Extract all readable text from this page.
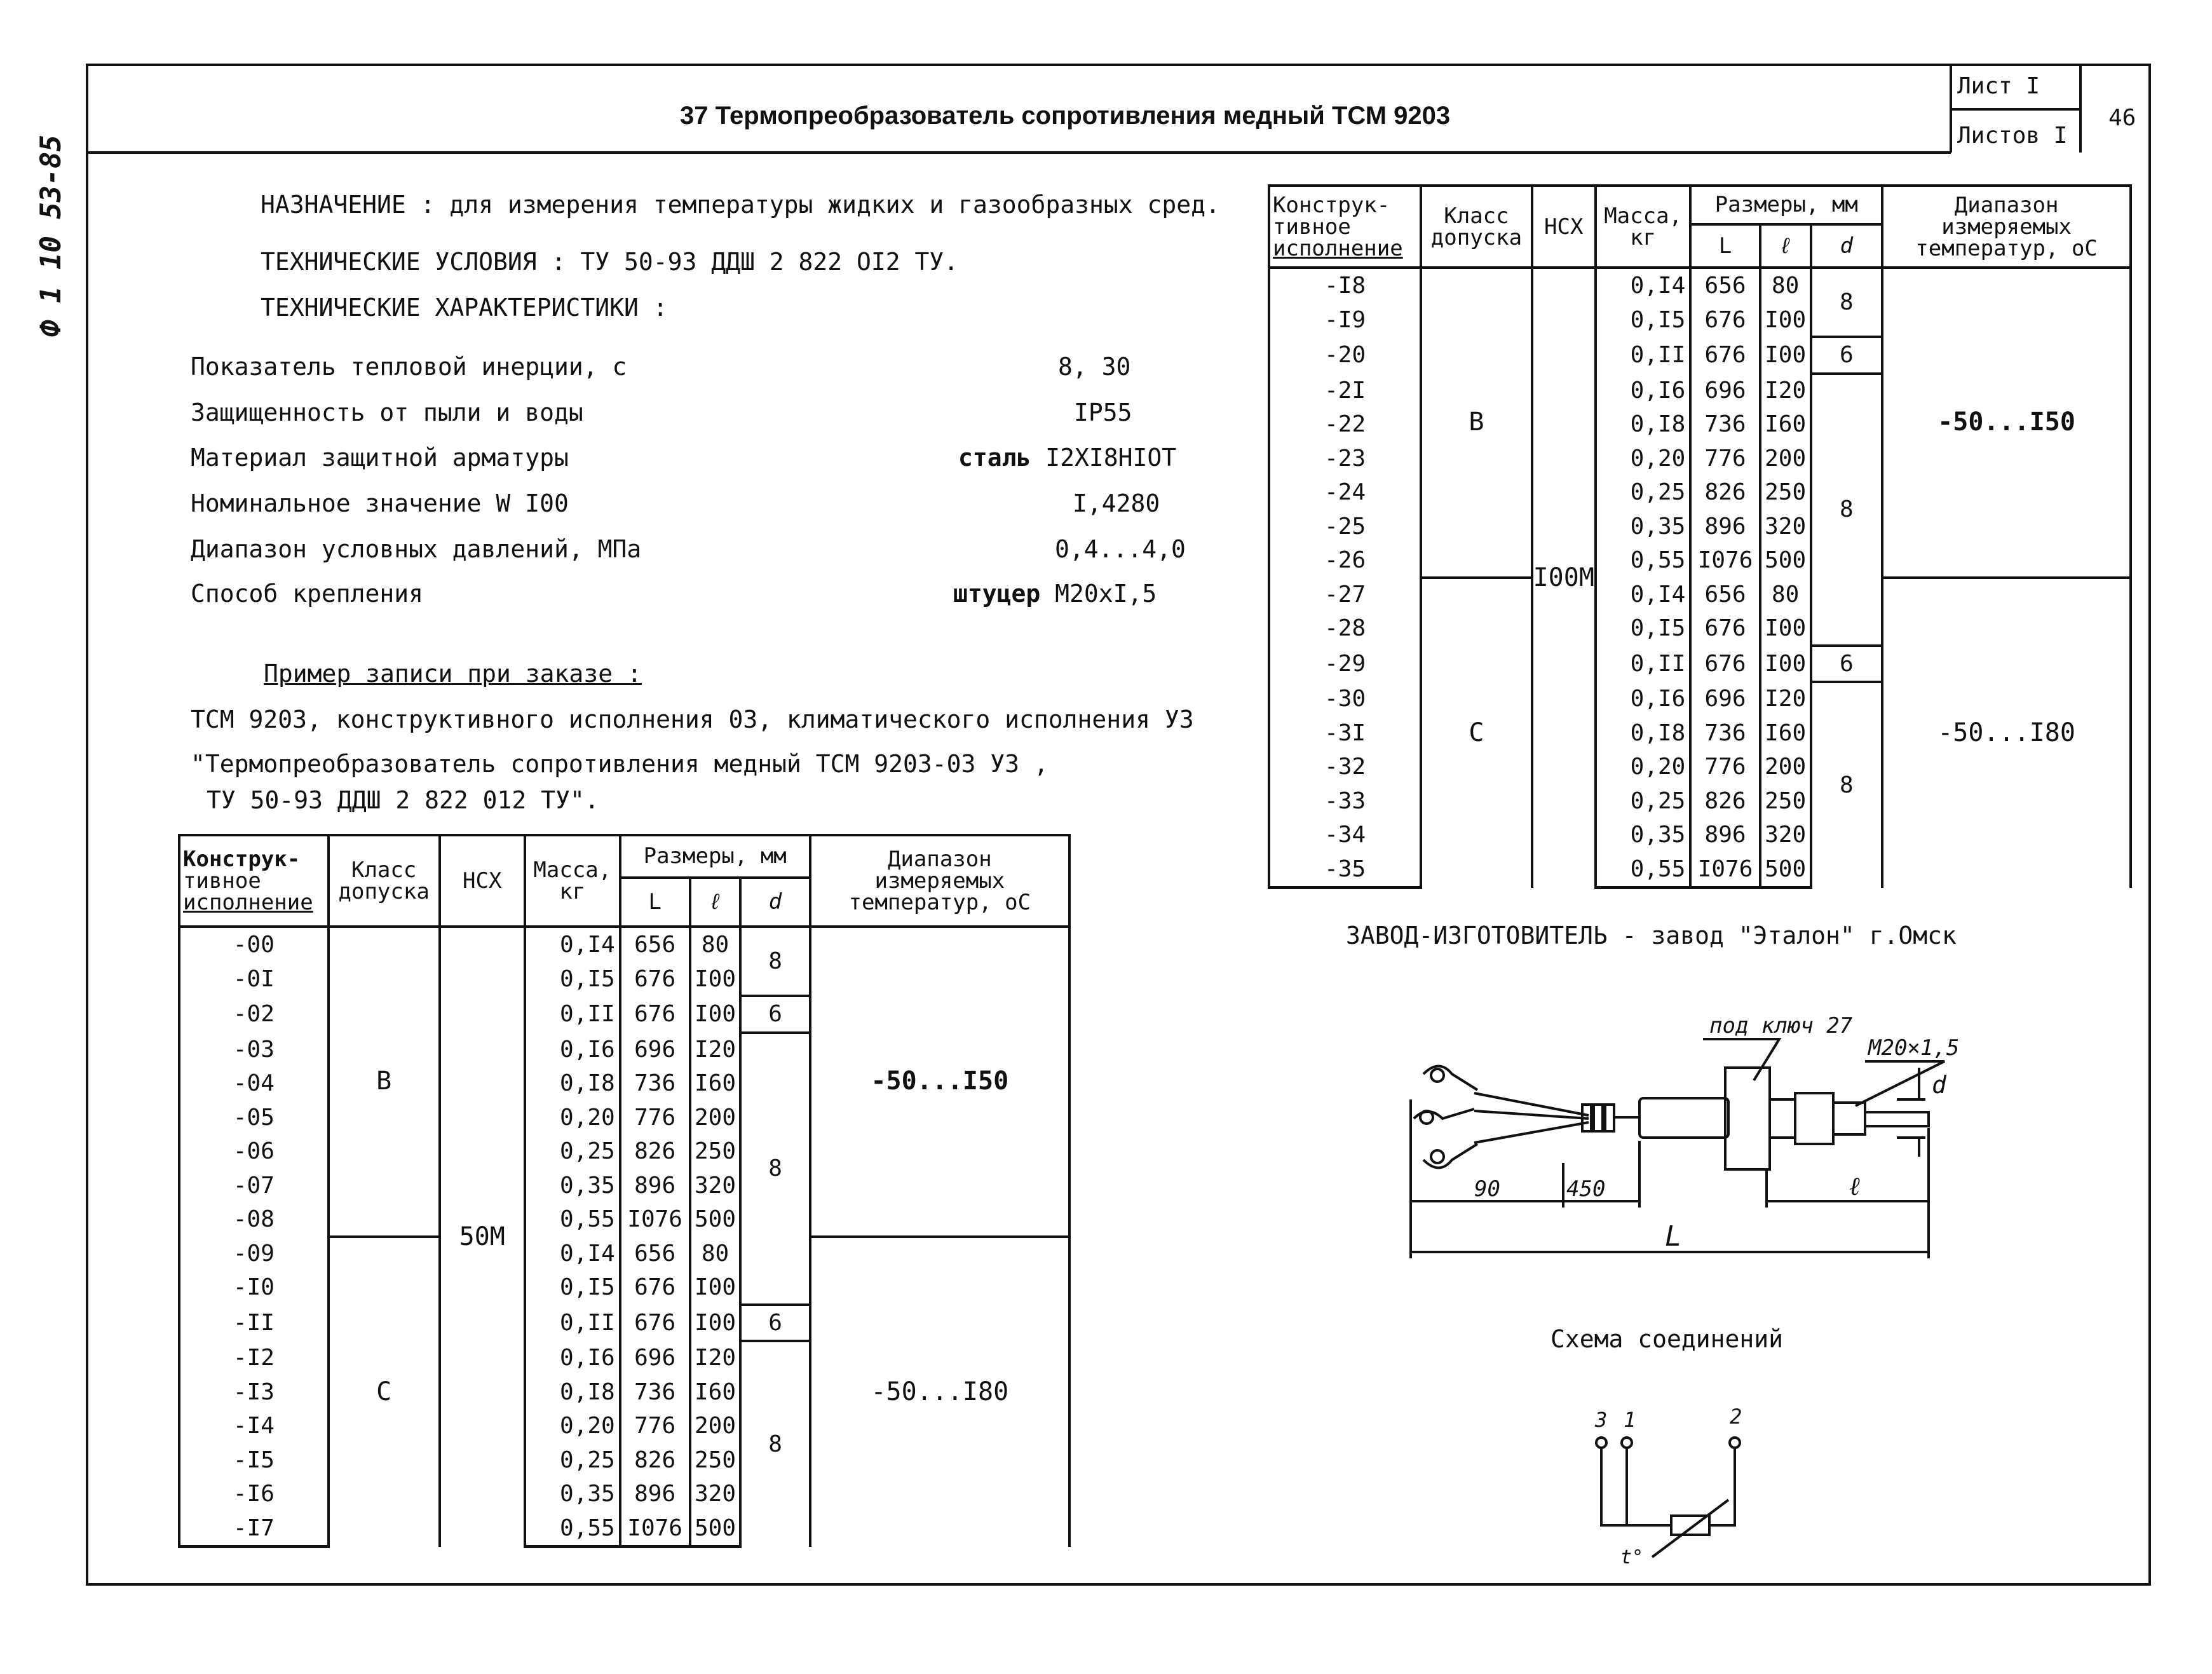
Ф 1 10 53-85
37 Термопреобразователь сопротивления медный ТСМ 9203
Лист I
Листов I
46
НАЗНАЧЕНИЕ : для измерения температуры жидких и газообразных сред.
ТЕХНИЧЕСКИЕ УСЛОВИЯ : ТУ 50-93 ДДШ 2 822 OI2 ТУ.
ТЕХНИЧЕСКИЕ ХАРАКТЕРИСТИКИ :
Показатель тепловой инерции, с	8, 30
Защищенность от пыли и воды	IP55
Материал защитной арматуры	сталь I2XI8HIOT
Номинальное значение W I00	I,4280
Диапазон условных давлений, МПа	0,4...4,0
Способ крепления	штуцер М20хI,5
Пример записи при заказе :
ТСМ 9203, конструктивного исполнения 03, климатического исполнения УЗ
"Термопреобразователь сопротивления медный ТСМ 9203-03 УЗ ,
ТУ 50-93 ДДШ 2 822 012 ТУ".
Конструк-
тивное
исполнение	Класс
допуска	НСХ	Масса,
кг	Размеры, мм			Диапазон
измеряемых
температур, оС
				L	ℓ	d	
-00	В	50М	0,I4	656	80	8	-50...I50
-0I			0,I5	676	I00		
-02			0,II	676	I00	6	
-03			0,I6	696	I20	8	
-04			0,I8	736	I60		
-05			0,20	776	200		
-06			0,25	826	250		
-07			0,35	896	320		
-08			0,55	I076	500		
-09	С		0,I4	656	80		-50...I80
-I0			0,I5	676	I00		
-II			0,II	676	I00	6	
-I2			0,I6	696	I20	8	
-I3			0,I8	736	I60		
-I4			0,20	776	200		
-I5			0,25	826	250		
-I6			0,35	896	320		
-I7			0,55	I076	500		
Конструк-
тивное
исполнение	Класс
допуска	НСХ	Масса,
кг	Размеры, мм			Диапазон
измеряемых
температур, оС
				L	ℓ	d	
-I8	В	I00М	0,I4	656	80	8	-50...I50
-I9			0,I5	676	I00		
-20			0,II	676	I00	6	
-2I			0,I6	696	I20	8	
-22			0,I8	736	I60		
-23			0,20	776	200		
-24			0,25	826	250		
-25			0,35	896	320		
-26			0,55	I076	500		
-27	С		0,I4	656	80		-50...I80
-28			0,I5	676	I00		
-29			0,II	676	I00	6	
-30			0,I6	696	I20	8	
-3I			0,I8	736	I60		
-32			0,20	776	200		
-33			0,25	826	250		
-34			0,35	896	320		
-35			0,55	I076	500		
ЗАВОД-ИЗГОТОВИТЕЛЬ - завод "Эталон" г.Омск
под ключ 27
М20×1,5
90	450	ℓ
L
d
Схема соединений
3 1	2
t°
